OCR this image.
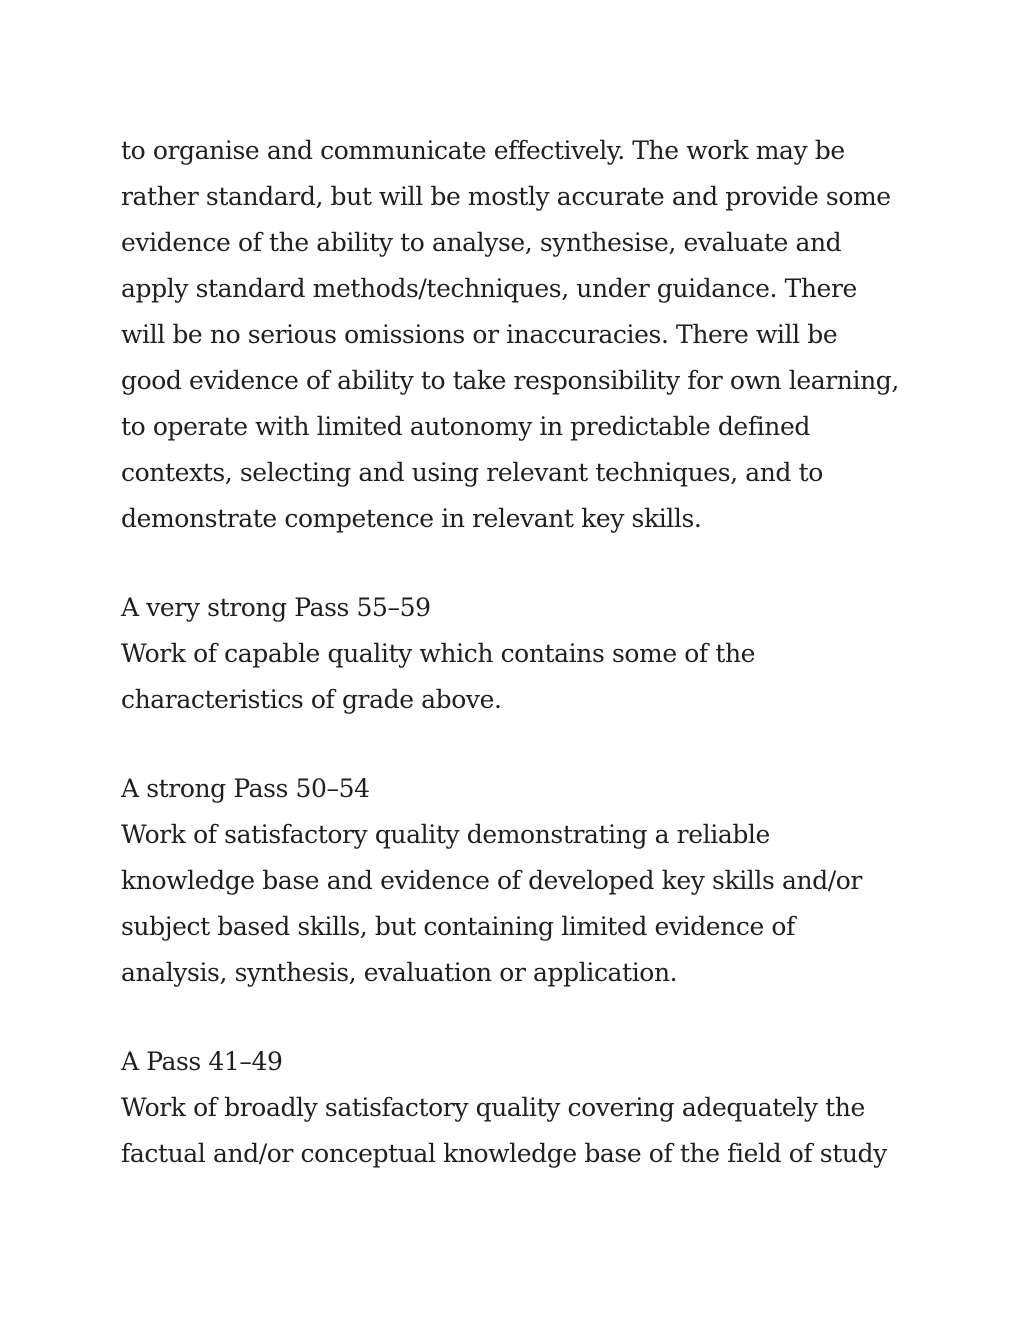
to organise and communicate effectively. The work may be
rather standard, but will be mostly accurate and provide some
evidence of the ability to analyse, synthesise, evaluate and
apply standard methods/techniques, under guidance. There
will be no serious omissions or inaccuracies. There will be
good evidence of ability to take responsibility for own learning,
to operate with limited autonomy in predictable defined
contexts, selecting and using relevant techniques, and to
demonstrate competence in relevant key skills.
A very strong Pass 55–59
Work of capable quality which contains some of the
characteristics of grade above.
A strong Pass 50–54
Work of satisfactory quality demonstrating a reliable
knowledge base and evidence of developed key skills and/or
subject based skills, but containing limited evidence of
analysis, synthesis, evaluation or application.
A Pass 41–49
Work of broadly satisfactory quality covering adequately the
factual and/or conceptual knowledge base of the field of study
